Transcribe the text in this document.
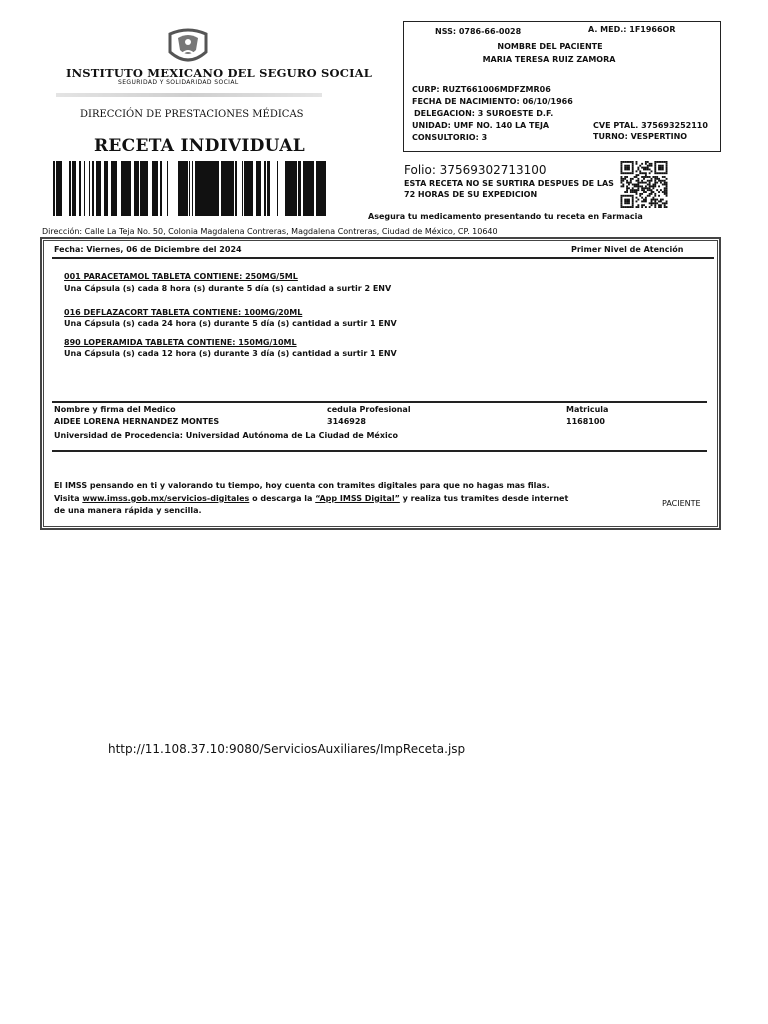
INSTITUTO MEXICANO DEL SEGURO SOCIAL
SEGURIDAD Y SOLIDARIDAD SOCIAL
DIRECCIÓN DE PRESTACIONES MÉDICAS
RECETA INDIVIDUAL
NSS: 0786-66-0028	A. MED.: 1F1966OR
NOMBRE DEL PACIENTE
MARIA TERESA RUIZ ZAMORA
CURP: RUZT661006MDFZMR06
FECHA DE NACIMIENTO: 06/10/1966
DELEGACION: 3 SUROESTE D.F.
UNIDAD: UMF NO. 140 LA TEJA
CONSULTORIO: 3
CVE PTAL. 375693252110
TURNO: VESPERTINO
Folio: 37569302713100
ESTA RECETA NO SE SURTIRA DESPUES DE LAS 72 HORAS DE SU EXPEDICION
Asegura tu medicamento presentando tu receta en Farmacia
Dirección: Calle La Teja No. 50, Colonia Magdalena Contreras, Magdalena Contreras, Ciudad de México, CP. 10640
Fecha: Viernes, 06 de Diciembre del 2024	Primer Nivel de Atención
001 PARACETAMOL TABLETA CONTIENE: 250MG/5ML
Una Cápsula (s) cada 8 hora (s) durante 5 día (s) cantidad a surtir 2 ENV
016 DEFLAZACORT TABLETA CONTIENE: 100MG/20ML
Una Cápsula (s) cada 24 hora (s) durante 5 día (s) cantidad a surtir 1 ENV
890 LOPERAMIDA TABLETA CONTIENE: 150MG/10ML
Una Cápsula (s) cada 12 hora (s) durante 3 día (s) cantidad a surtir 1 ENV
Nombre y firma del Medico	cedula Profesional	Matricula
AIDEE LORENA HERNANDEZ MONTES	3146928	1168100
Universidad de Procedencia: Universidad Autónoma de La Ciudad de México
El IMSS pensando en ti y valorando tu tiempo, hoy cuenta con tramites digitales para que no hagas mas filas.
Visita www.imss.gob.mx/servicios-digitales o descarga la “App IMSS Digital” y realiza tus tramites desde internet de una manera rápida y sencilla.
PACIENTE
http://11.108.37.10:9080/ServiciosAuxiliares/ImpReceta.jsp
